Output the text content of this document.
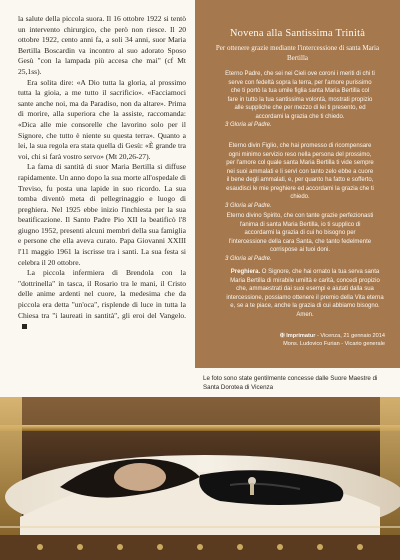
la salute della piccola suora. Il 16 ottobre 1922 si tentò un intervento chirurgico, che però non riesce. Il 20 ottobre 1922, cento anni fa, a soli 34 anni, suor Maria Bertilla Boscardin va incontro al suo adorato Sposo Gesù "con la lampada più accesa che mai" (cf Mt 25,1ss).

Era solita dire: «A Dio tutta la gloria, al prossimo tutta la gioia, a me tutto il sacrificio». «Facciamoci sante anche noi, ma da Paradiso, non da altare». Prima di morire, alla superiora che la assiste, raccomanda: «Dica alle mie consorelle che lavorino solo per il Signore, che tutto è niente su questa terra». Quanto a lei, la sua regola era stata quella di Gesù: «È grande tra voi, chi si farà vostro servo» (Mt 20,26-27).

La fama di santità di suor Maria Bertilla si diffuse rapidamente. Un anno dopo la sua morte all'ospedale di Treviso, fu posta una lapide in suo ricordo. La sua tomba diventò meta di pellegrinaggio e luogo di preghiera. Nel 1925 ebbe inizio l'inchiesta per la sua beatificazione. Il Santo Padre Pio XII la beatificò l'8 giugno 1952, presenti alcuni membri della sua famiglia e persone che ella aveva curato. Papa Giovanni XXIII l'11 maggio 1961 la iscrisse tra i santi. La sua festa si celebra il 20 ottobre.

La piccola infermiera di Brendola con la "dottrinella" in tasca, il Rosario tra le mani, il Cristo delle anime ardenti nel cuore, la medesima che da piccola era detta "un'oca", risplende di luce in tutta la Chiesa tra "i laureati in santità", gli eroi del Vangelo.

Novena alla Santissima Trinità
Per ottenere grazie mediante l'intercessione di santa Maria Bertilla
Eterno Padre, che sei nei Cieli ove coroni i meriti di chi ti serve con fedeltà sopra la terra, per l'amore purissimo che ti portò la tua umile figlia santa Maria Bertilla col fare in tutto la tua santissima volontà, mostrati propizio alle suppliche che per mezzo di lei ti presento, ed accordami la grazia che ti chiedo.
3 Gloria al Padre.
Eterno divin Figlio, che hai promesso di ricompensare ogni minimo servizio reso nella persona del prossimo, per l'amore col quale santa Maria Bertilla ti vide sempre nei suoi ammalati e li servì con tanto zelo ebbe a cuore il bene degli ammalati, e, per quanto ha fatto e sofferto, esaudisci le mie preghiere ed accordami la grazia che ti chiedo.
3 Gloria al Padre.
Eterno divino Spirito, che con tante grazie perfezionasti l'anima di santa Maria Bertilla, io ti supplico di accordarmi la grazia di cui ho bisogno per l'intercessione della cara Santa, che tanto fedelmente corrispose ai tuoi doni.
3 Gloria al Padre.
Preghiera. O Signore, che hai ornato la tua serva santa Maria Bertilla di mirabile umiltà e carità, concedi propizio che, ammaestrati dai suoi esempi e aiutati dalla sua intercessione, possiamo ottenere il premio della Vita eterna e, se a te piace, anche la grazia di cui abbiamo bisogno. Amen.
✠ Imprimatur - Vicenza, 21 gennaio 2014
Mons. Ludovico Furian - Vicario generale
Le foto sono state gentilmente concesse dalle Suore Maestre di Santa Dorotea di Vicenza
